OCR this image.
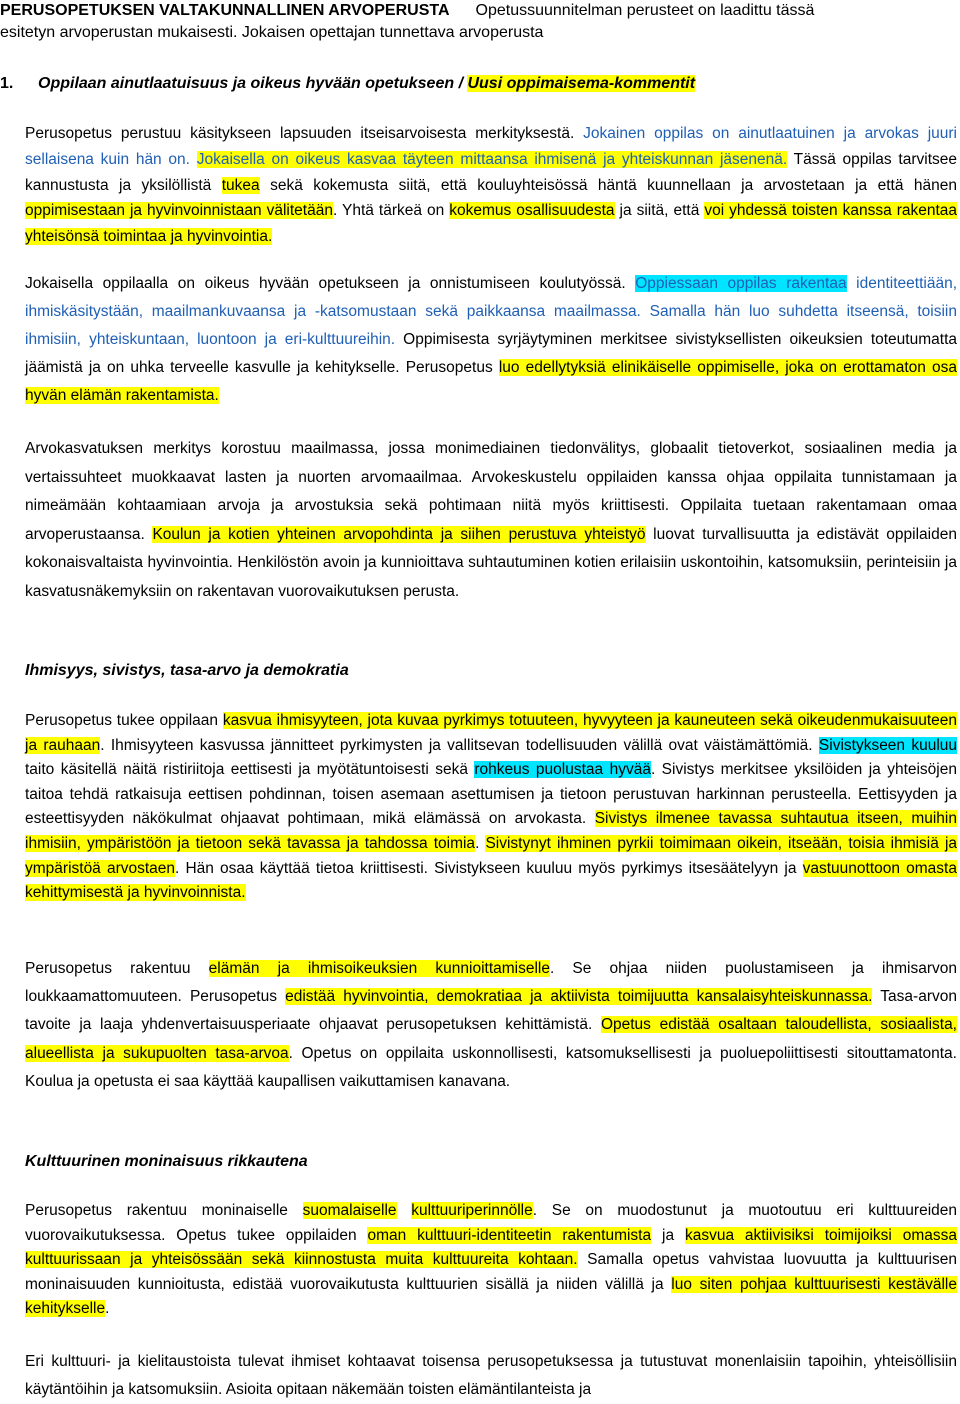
PERUSOPETUKSEN VALTAKUNNALLINEN ARVOPERUSTA Opetussuunnitelman perusteet on laadittu tässä
esitetyn arvoperustan mukaisesti. Jokaisen opettajan tunnettava arvoperusta
1. Oppilaan ainutlaatuisuus ja oikeus hyvään opetukseen / Uusi oppimaisema-kommentit

Perusopetus perustuu käsitykseen lapsuuden itseisarvoisesta merkityksestä. Jokainen oppilas on ainutlaatuinen ja arvokas juuri sellaisena kuin hän on. Jokaisella on oikeus kasvaa täyteen mittaansa ihmisenä ja yhteiskunnan jäsenenä. Tässä oppilas tarvitsee kannustusta ja yksilöllistä tukea sekä kokemusta siitä, että kouluyhteisössä häntä kuunnellaan ja arvostetaan ja että hänen oppimisestaan ja hyvinvoinnistaan välitetään. Yhtä tärkeä on kokemus osallisuudesta ja siitä, että voi yhdessä toisten kanssa rakentaa yhteisönsä toimintaa ja hyvinvointia.

Jokaisella oppilaalla on oikeus hyvään opetukseen ja onnistumiseen koulutyössä. Oppiessaan oppilas rakentaa identiteettiään, ihmiskäsitystään, maailmankuvaansa ja -katsomustaan sekä paikkaansa maailmassa. Samalla hän luo suhdetta itseensä, toisiin ihmisiin, yhteiskuntaan, luontoon ja eri-kulttuureihin. Oppimisesta syrjäytyminen merkitsee sivistyksellisten oikeuksien toteutumatta jäämistä ja on uhka terveelle kasvulle ja kehitykselle. Perusopetus luo edellytyksiä elinikäiselle oppimiselle, joka on erottamaton osa hyvän elämän rakentamista.

Arvokasvatuksen merkitys korostuu maailmassa, jossa monimediainen tiedonvälitys, globaalit tietoverkot, sosiaalinen media ja vertaissuhteet muokkaavat lasten ja nuorten arvomaailmaa. Arvokeskustelu oppilaiden kanssa ohjaa oppilaita tunnistamaan ja nimeämään kohtaamiaan arvoja ja arvostuksia sekä pohtimaan niitä myös kriittisesti. Oppilaita tuetaan rakentamaan omaa arvoperustaansa. Koulun ja kotien yhteinen arvopohdinta ja siihen perustuva yhteistyö luovat turvallisuutta ja edistävät oppilaiden kokonaisvaltaista hyvinvointia. Henkilöstön avoin ja kunnioittava suhtautuminen kotien erilaisiin uskontoihin, katsomuksiin, perinteisiin ja kasvatusnäkemyksiin on rakentavan vuorovaikutuksen perusta.

Ihmisyys, sivistys, tasa-arvo ja demokratia

Perusopetus tukee oppilaan kasvua ihmisyyteen, jota kuvaa pyrkimys totuuteen, hyvyyteen ja kauneuteen sekä oikeudenmukaisuuteen ja rauhaan. Ihmisyyteen kasvussa jännitteet pyrkimysten ja vallitsevan todellisuuden välillä ovat väistämättömiä. Sivistykseen kuuluu taito käsitellä näitä ristiriitoja eettisesti ja myötätuntoisesti sekä rohkeus puolustaa hyvää. Sivistys merkitsee yksilöiden ja yhteisöjen taitoa tehdä ratkaisuja eettisen pohdinnan, toisen asemaan asettumisen ja tietoon perustuvan harkinnan perusteella. Eettisyyden ja esteettisyyden näkökulmat ohjaavat pohtimaan, mikä elämässä on arvokasta. Sivistys ilmenee tavassa suhtautua itseen, muihin ihmisiin, ympäristöön ja tietoon sekä tavassa ja tahdossa toimia. Sivistynyt ihminen pyrkii toimimaan oikein, itseään, toisia ihmisiä ja ympäristöä arvostaen. Hän osaa käyttää tietoa kriittisesti. Sivistykseen kuuluu myös pyrkimys itsesäätelyyn ja vastuunottoon omasta kehittymisestä ja hyvinvoinnista.

Perusopetus rakentuu elämän ja ihmisoikeuksien kunnioittamiselle. Se ohjaa niiden puolustamiseen ja ihmisarvon loukkaamattomuuteen. Perusopetus edistää hyvinvointia, demokratiaa ja aktiivista toimijuutta kansalaisyhteiskunnassa. Tasa-arvon tavoite ja laaja yhdenvertaisuusperiaate ohjaavat perusopetuksen kehittämistä. Opetus edistää osaltaan taloudellista, sosiaalista, alueellista ja sukupuolten tasa-arvoa. Opetus on oppilaita uskonnollisesti, katsomuksellisesti ja puoluepoliittisesti sitouttamatonta. Koulua ja opetusta ei saa käyttää kaupallisen vaikuttamisen kanavana.

Kulttuurinen moninaisuus rikkautena

Perusopetus rakentuu moninaiselle suomalaiselle kulttuuriperinnölle. Se on muodostunut ja muotoutuu eri kulttuureiden vuorovaikutuksessa. Opetus tukee oppilaiden oman kulttuuri-identiteetin rakentumista ja kasvua aktiivisiksi toimijoiksi omassa kulttuurissaan ja yhteisössään sekä kiinnostusta muita kulttuureita kohtaan. Samalla opetus vahvistaa luovuutta ja kulttuurisen moninaisuuden kunnioitusta, edistää vuorovaikutusta kulttuurien sisällä ja niiden välillä ja luo siten pohjaa kulttuurisesti kestävälle kehitykselle.

Eri kulttuuri- ja kielitaustoista tulevat ihmiset kohtaavat toisensa perusopetuksessa ja tutustuvat monenlaisiin tapoihin, yhteisöllisiin käytäntöihin ja katsomuksiin. Asioita opitaan näkemään toisten elämäntilanteista ja
